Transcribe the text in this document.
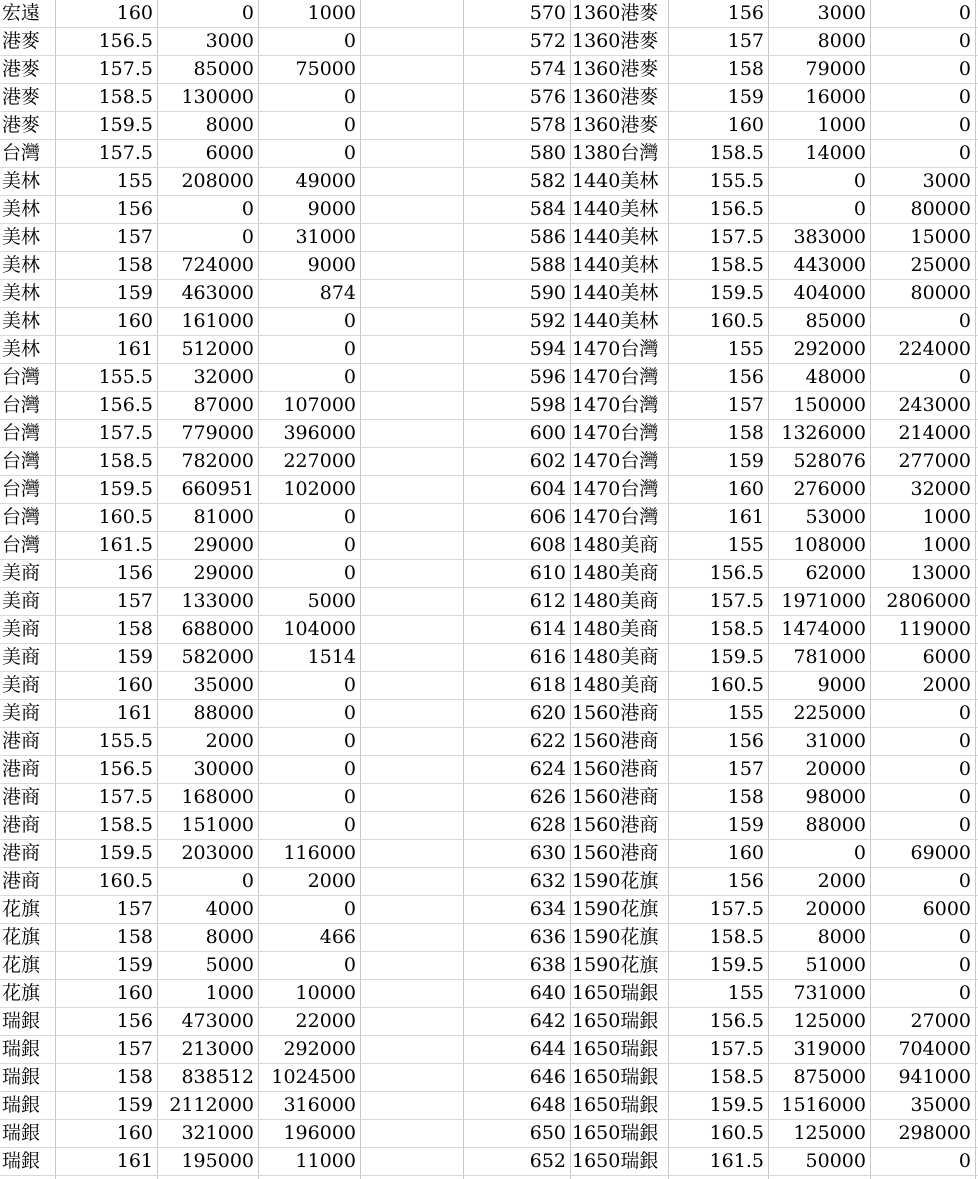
宏遠	160	0	1000	570 1360港麥	156	3000	0
港麥	156.5	3000	0	572 1360港麥	157	8000	0
港麥	157.5	85000	75000	574 1360港麥	158	79000	0
港麥	158.5	130000	0	576 1360港麥	159	16000	0
港麥	159.5	8000	0	578 1360港麥	160	1000	0
台灣	157.5	6000	0	580 1380台灣	158.5	14000	0
美林	155	208000	49000	582 1440美林	155.5	0	3000
美林	156	0	9000	584 1440美林	156.5	0	80000
美林	157	0	31000	586 1440美林	157.5	383000	15000
美林	158	724000	9000	588 1440美林	158.5	443000	25000
美林	159	463000	874	590 1440美林	159.5	404000	80000
美林	160	161000	0	592 1440美林	160.5	85000	0
美林	161	512000	0	594 1470台灣	155	292000	224000
台灣	155.5	32000	0	596 1470台灣	156	48000	0
台灣	156.5	87000	107000	598 1470台灣	157	150000	243000
台灣	157.5	779000	396000	600 1470台灣	158 1326000	214000
台灣	158.5	782000	227000	602 1470台灣	159	528076	277000
台灣	159.5	660951	102000	604 1470台灣	160	276000	32000
台灣	160.5	81000	0	606 1470台灣	161	53000	1000
台灣	161.5	29000	0	608 1480美商	155	108000	1000
美商	156	29000	0	610 1480美商	156.5	62000	13000
美商	157	133000	5000	612 1480美商	157.5 1971000	2806000
美商	158	688000	104000	614 1480美商	158.5 1474000	119000
美商	159	582000	1514	616 1480美商	159.5	781000	6000
美商	160	35000	0	618 1480美商	160.5	9000	2000
美商	161	88000	0	620 1560港商	155	225000	0
港商	155.5	2000	0	622 1560港商	156	31000	0
港商	156.5	30000	0	624 1560港商	157	20000	0
港商	157.5	168000	0	626 1560港商	158	98000	0
港商	158.5	151000	0	628 1560港商	159	88000	0
港商	159.5	203000	116000	630 1560港商	160	0	69000
港商	160.5	0	2000	632 1590花旗	156	2000	0
花旗	157	4000	0	634 1590花旗	157.5	20000	6000
花旗	158	8000	466	636 1590花旗	158.5	8000	0
花旗	159	5000	0	638 1590花旗	159.5	51000	0
花旗	160	1000	10000	640 1650瑞銀	155	731000	0
瑞銀	156	473000	22000	642 1650瑞銀	156.5	125000	27000
瑞銀	157	213000	292000	644 1650瑞銀	157.5	319000	704000
瑞銀	158	838512 1024500	646 1650瑞銀	158.5	875000	941000
瑞銀	159 2112000	316000	648 1650瑞銀	159.5 1516000	35000
瑞銀	160	321000	196000	650 1650瑞銀	160.5	125000	298000
瑞銀	161	195000	11000	652 1650瑞銀	161.5	50000	0
